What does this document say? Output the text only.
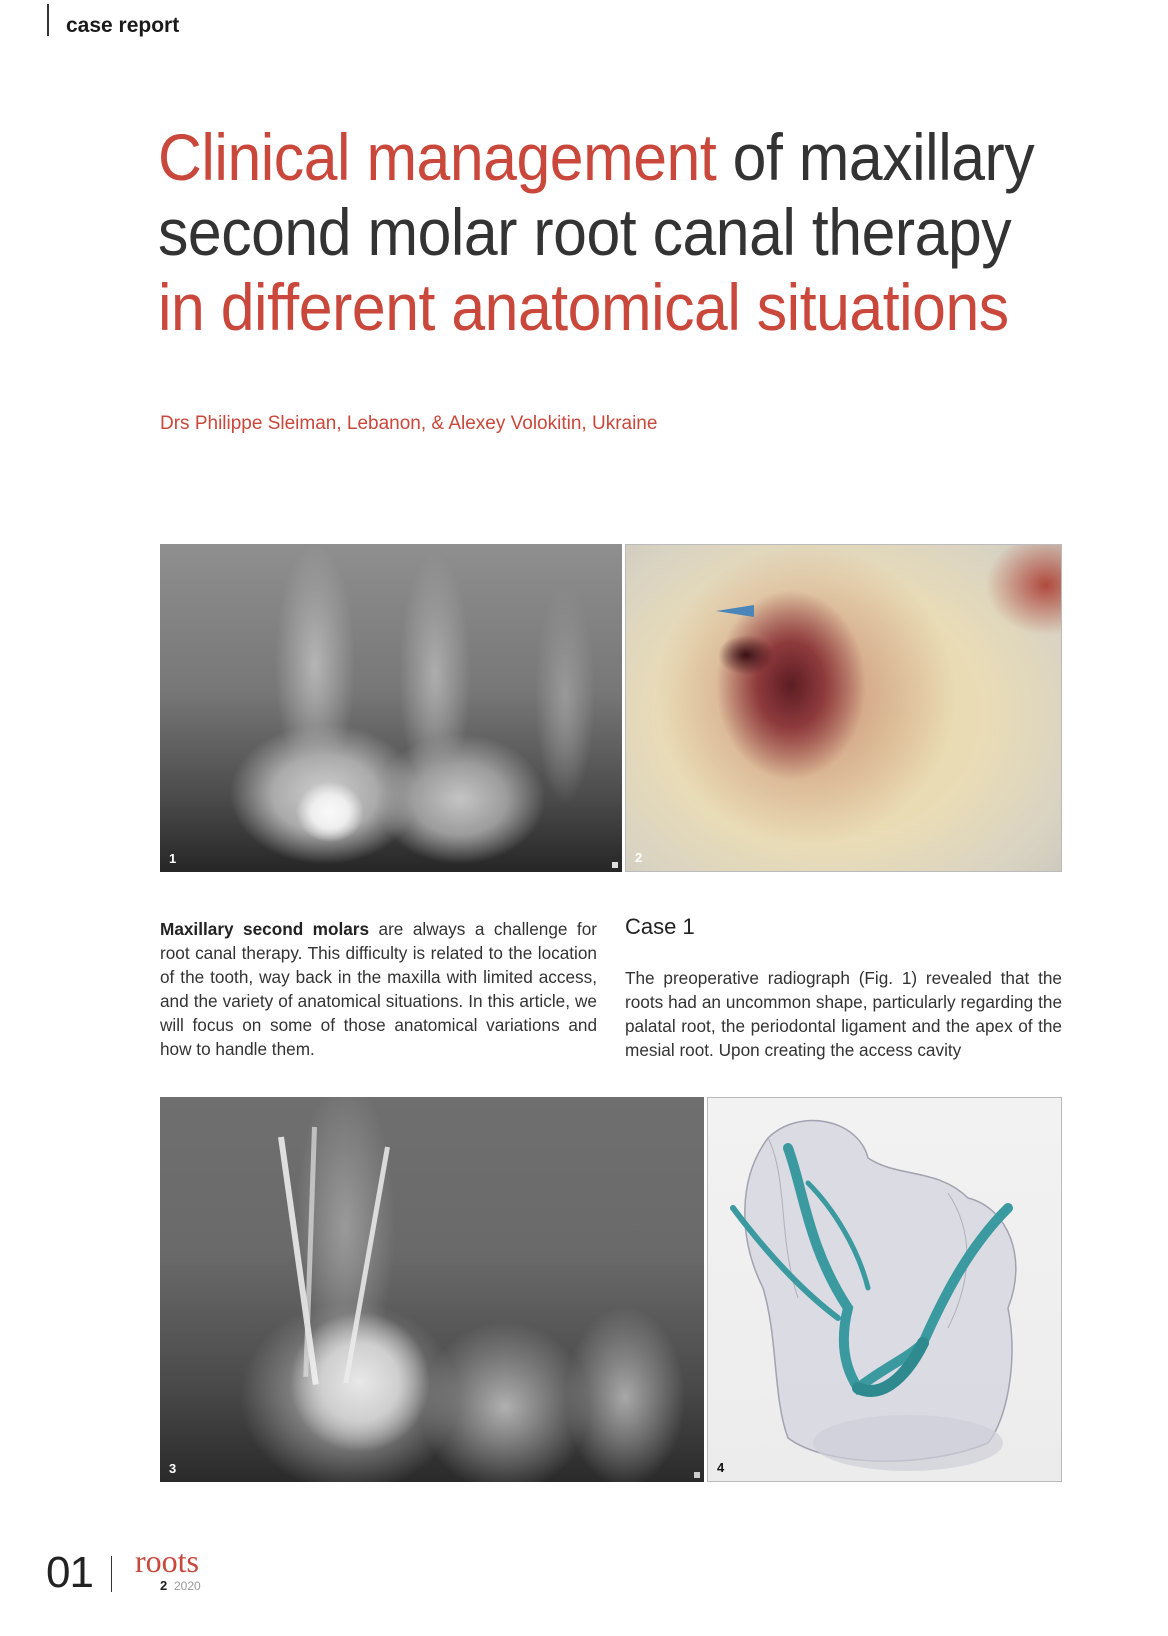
case report
Clinical management of maxillary
second molar root canal therapy
in different anatomical situations
Drs Philippe Sleiman, Lebanon, & Alexey Volokitin, Ukraine
1	2
Maxillary second molars are always a challenge for root canal therapy. This difficulty is related to the location of the tooth, way back in the maxilla with limited access, and the variety of anatomical situations. In this article, we will focus on some of those anatomical variations and how to handle them.
Case 1
The preoperative radiograph (Fig. 1) revealed that the roots had an uncommon shape, particularly regarding the palatal root, the periodontal ligament and the apex of the mesial root. Upon creating the access cavity
3	4
01 roots
2 2020
